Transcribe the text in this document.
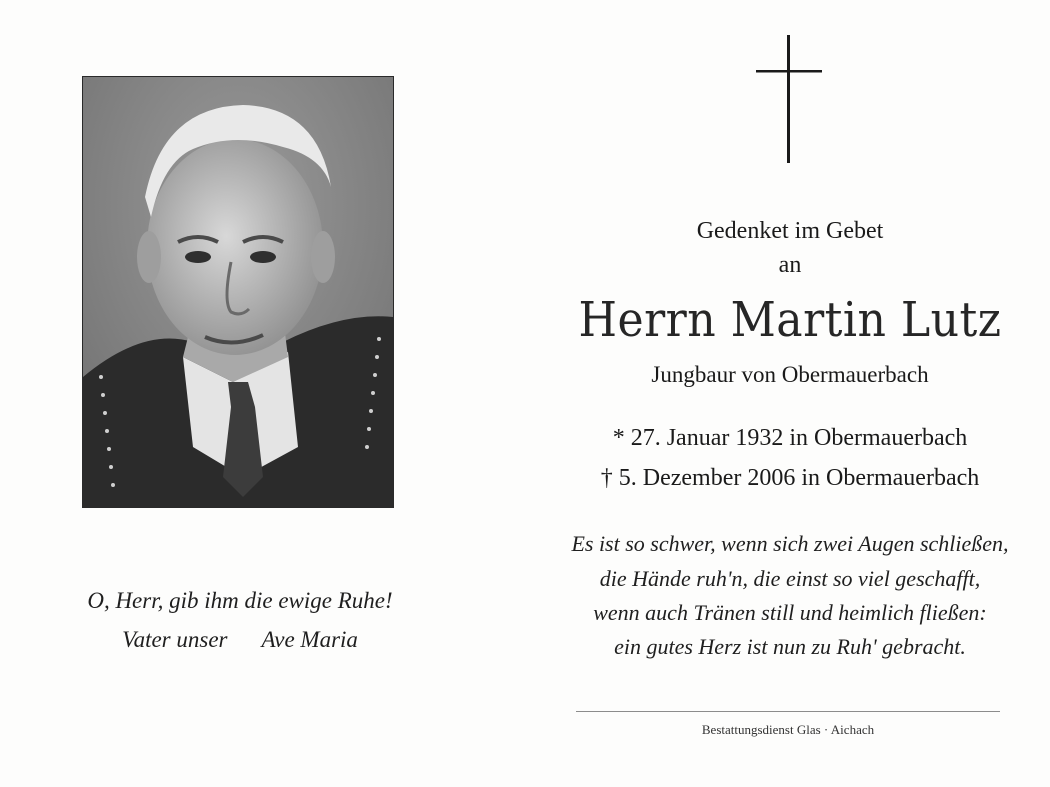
O, Herr, gib ihm die ewige Ruhe!
Vater unser Ave Maria
Gedenket im Gebet
an
Herrn Martin Lutz
Jungbaur von Obermauerbach
* 27. Januar 1932 in Obermauerbach
† 5. Dezember 2006 in Obermauerbach
Es ist so schwer, wenn sich zwei Augen schließen,
die Hände ruh'n, die einst so viel geschafft,
wenn auch Tränen still und heimlich fließen:
ein gutes Herz ist nun zu Ruh' gebracht.
Bestattungsdienst Glas · Aichach
